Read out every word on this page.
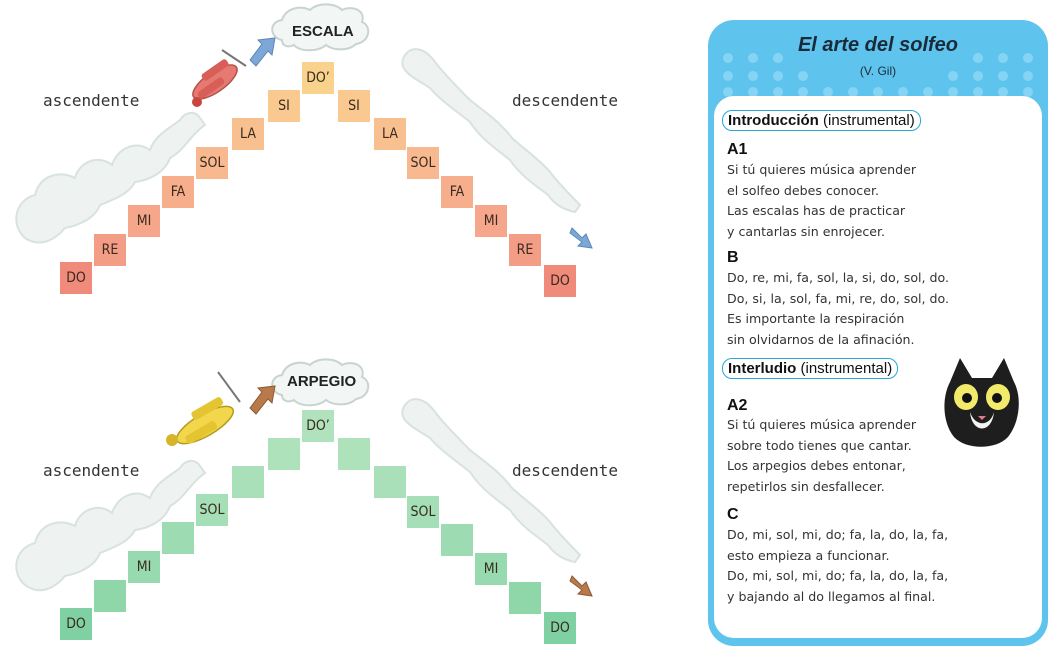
ESCALA
ascendente	descendente
DO
RE
MI
FA
SOL
LA
SI
DO’
SI
LA
SOL
FA
MI
RE
DO
ARPEGIO
ascendente	descendente
DO
MI
SOL
DO’
SOL
MI
DO
El arte del solfeo
(V. Gil)
Introducción (instrumental)
A1
Si tú quieres música aprender
el solfeo debes conocer.
Las escalas has de practicar
y cantarlas sin enrojecer.
B
Do, re, mi, fa, sol, la, si, do, sol, do.
Do, si, la, sol, fa, mi, re, do, sol, do.
Es importante la respiración
sin olvidarnos de la afinación.
Interludio (instrumental)
A2
Si tú quieres música aprender
sobre todo tienes que cantar.
Los arpegios debes entonar,
repetirlos sin desfallecer.
C
Do, mi, sol, mi, do; fa, la, do, la, fa,
esto empieza a funcionar.
Do, mi, sol, mi, do; fa, la, do, la, fa,
y bajando al do llegamos al final.
